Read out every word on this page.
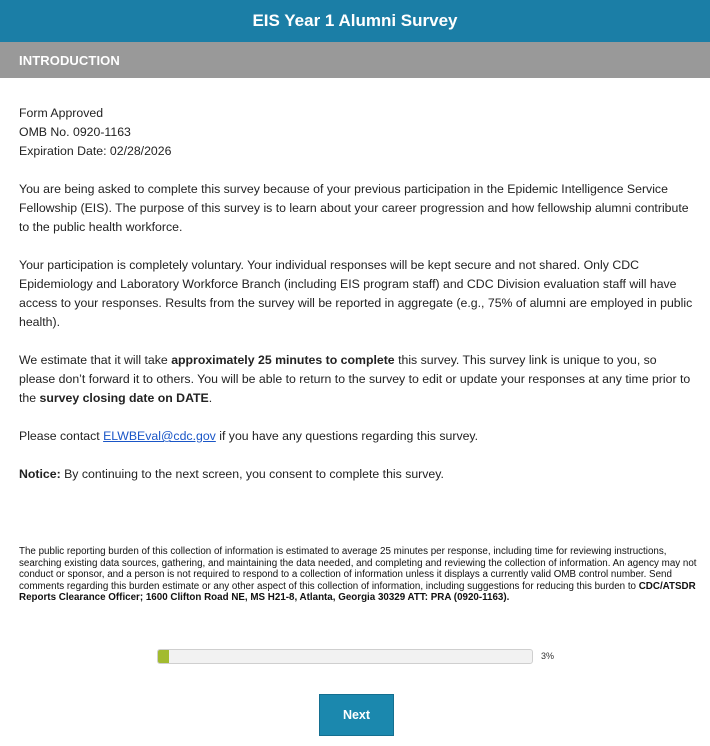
EIS Year 1 Alumni Survey
INTRODUCTION

Form Approved
OMB No. 0920-1163
Expiration Date: 02/28/2026

You are being asked to complete this survey because of your previous participation in the Epidemic Intelligence Service Fellowship (EIS). The purpose of this survey is to learn about your career progression and how fellowship alumni contribute to the public health workforce.

Your participation is completely voluntary. Your individual responses will be kept secure and not shared. Only CDC Epidemiology and Laboratory Workforce Branch (including EIS program staff) and CDC Division evaluation staff will have access to your responses. Results from the survey will be reported in aggregate (e.g., 75% of alumni are employed in public health).

We estimate that it will take approximately 25 minutes to complete this survey. This survey link is unique to you, so please don’t forward it to others. You will be able to return to the survey to edit or update your responses at any time prior to the survey closing date on DATE.

Please contact ELWBEval@cdc.gov if you have any questions regarding this survey.

Notice: By continuing to the next screen, you consent to complete this survey.

The public reporting burden of this collection of information is estimated to average 25 minutes per response, including time for reviewing instructions, searching existing data sources, gathering, and maintaining the data needed, and completing and reviewing the collection of information. An agency may not conduct or sponsor, and a person is not required to respond to a collection of information unless it displays a currently valid OMB control number. Send comments regarding this burden estimate or any other aspect of this collection of information, including suggestions for reducing this burden to CDC/ATSDR Reports Clearance Officer; 1600 Clifton Road NE, MS H21-8, Atlanta, Georgia 30329 ATT: PRA (0920-1163).
3%
Next
